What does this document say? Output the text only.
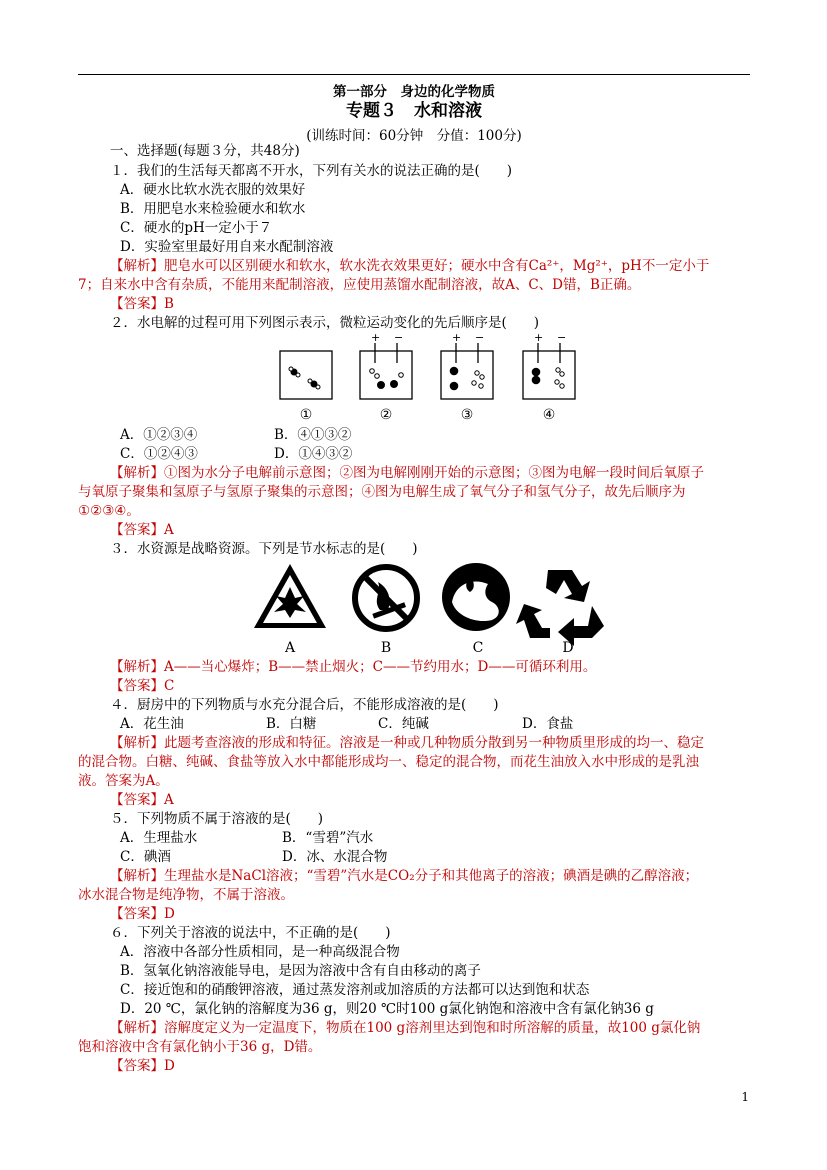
第一部分　身边的化学物质
专题３　水和溶液
(训练时间：60分钟　分值：100分)
一、选择题(每题３分，共48分)
１．我们的生活每天都离不开水，下列有关水的说法正确的是(　　)
A．硬水比软水洗衣服的效果好
B．用肥皂水来检验硬水和软水
C．硬水的pH一定小于７
D．实验室里最好用自来水配制溶液
【解析】肥皂水可以区别硬水和软水，软水洗衣效果更好；硬水中含有Ca²⁺，Mg²⁺，pH不一定小于
7；自来水中含有杂质，不能用来配制溶液，应使用蒸馏水配制溶液，故A、C、D错，B正确。
【答案】B
２．水电解的过程可用下列图示表示，微粒运动变化的先后顺序是(　　)
+ −	+ −	+ −
①	②	③	④
A．①②③④	B．④①③②
C．①②④③	D．①④③②
【解析】①图为水分子电解前示意图；②图为电解刚刚开始的示意图；③图为电解一段时间后氧原子
与氧原子聚集和氢原子与氢原子聚集的示意图；④图为电解生成了氧气分子和氢气分子，故先后顺序为
①②③④。
【答案】A
３．水资源是战略资源。下列是节水标志的是(　　)
A	B	C	D
【解析】A——当心爆炸；B——禁止烟火；C——节约用水；D——可循环利用。
【答案】C
４．厨房中的下列物质与水充分混合后，不能形成溶液的是(　　)
A．花生油	B．白糖	C．纯碱	D．食盐
【解析】此题考查溶液的形成和特征。溶液是一种或几种物质分散到另一种物质里形成的均一、稳定
的混合物。白糖、纯碱、食盐等放入水中都能形成均一、稳定的混合物，而花生油放入水中形成的是乳浊
液。答案为A。
【答案】A
５．下列物质不属于溶液的是(　　)
A．生理盐水	B．“雪碧”汽水
C．碘酒	D．冰、水混合物
【解析】生理盐水是NaCl溶液；“雪碧”汽水是CO₂分子和其他离子的溶液；碘酒是碘的乙醇溶液；
冰水混合物是纯净物，不属于溶液。
【答案】D
６．下列关于溶液的说法中，不正确的是(　　)
A．溶液中各部分性质相同，是一种高级混合物
B．氢氧化钠溶液能导电，是因为溶液中含有自由移动的离子
C．接近饱和的硝酸钾溶液，通过蒸发溶剂或加溶质的方法都可以达到饱和状态
D．20 ℃，氯化钠的溶解度为36 g，则20 ℃时100 g氯化钠饱和溶液中含有氯化钠36 g
【解析】溶解度定义为一定温度下，物质在100 g溶剂里达到饱和时所溶解的质量，故100 g氯化钠
饱和溶液中含有氯化钠小于36 g，D错。
【答案】D
1
